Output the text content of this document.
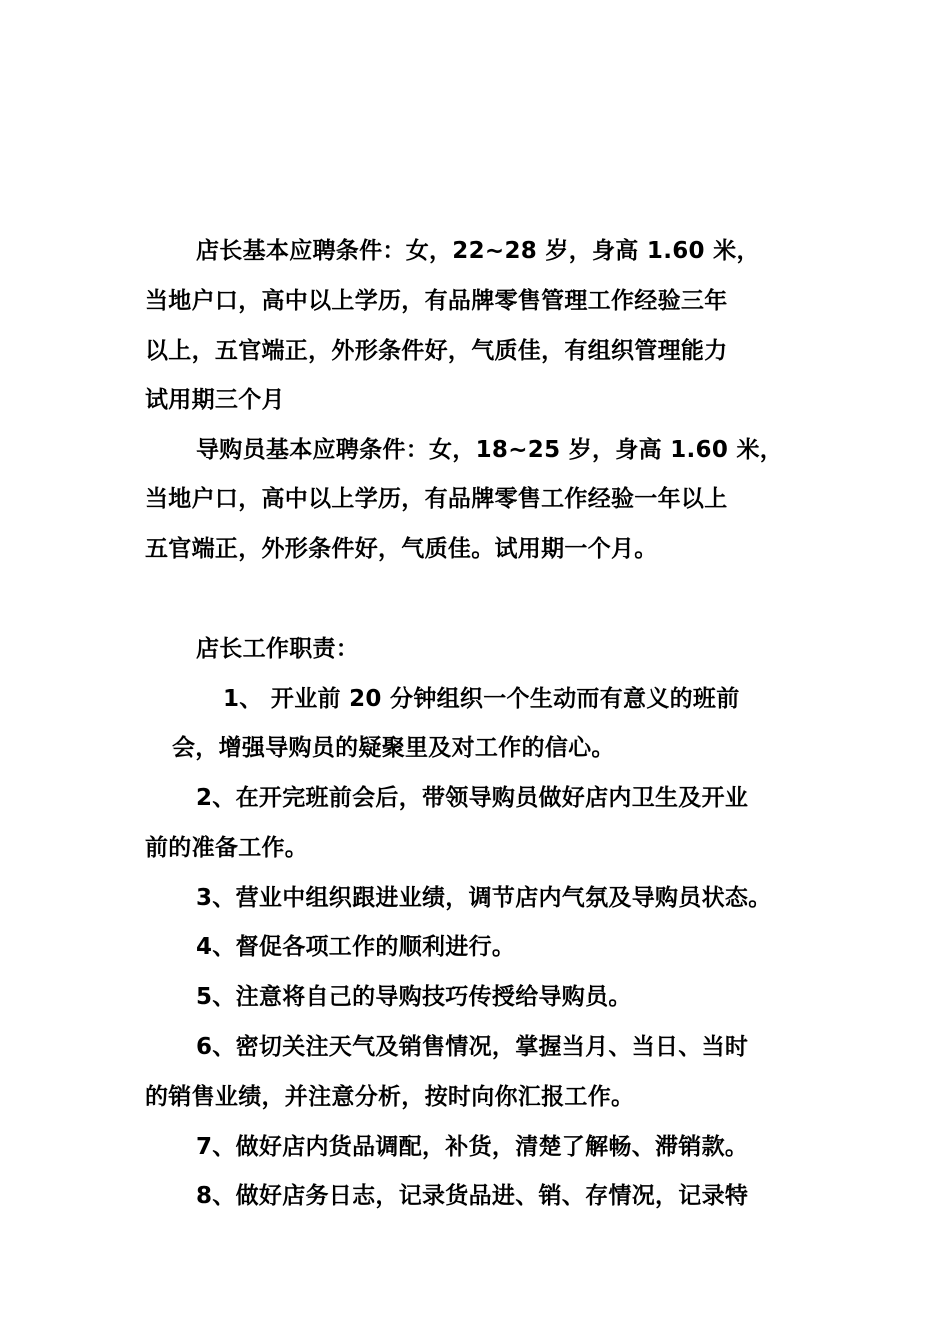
店长基本应聘条件：女，22~28 岁，身高 1.60 米，
当地户口，高中以上学历，有品牌零售管理工作经验三年
以上，五官端正，外形条件好，气质佳，有组织管理能力
试用期三个月
导购员基本应聘条件：女，18~25 岁，身高 1.60 米，
当地户口，高中以上学历，有品牌零售工作经验一年以上
五官端正，外形条件好，气质佳。试用期一个月。
店长工作职责：
1、 开业前 20 分钟组织一个生动而有意义的班前
会，增强导购员的疑聚里及对工作的信心。
2、在开完班前会后，带领导购员做好店内卫生及开业
前的准备工作。
3、营业中组织跟进业绩，调节店内气氛及导购员状态。
4、督促各项工作的顺利进行。
5、注意将自己的导购技巧传授给导购员。
6、密切关注天气及销售情况，掌握当月、当日、当时
的销售业绩，并注意分析，按时向你汇报工作。
7、做好店内货品调配，补货，清楚了解畅、滞销款。
8、做好店务日志，记录货品进、销、存情况，记录特
